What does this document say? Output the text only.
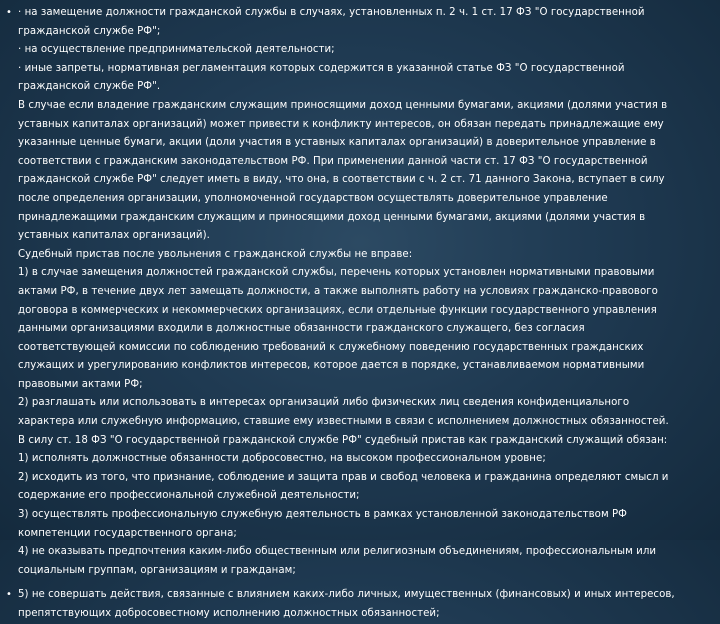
• · на замещение должности гражданской службы в случаях, установленных п. 2 ч. 1 ст. 17 ФЗ "О государственной
гражданской службе РФ";
· на осуществление предпринимательской деятельности;
· иные запреты, нормативная регламентация которых содержится в указанной статье ФЗ "О государственной
гражданской службе РФ".
В случае если владение гражданским служащим приносящими доход ценными бумагами, акциями (долями участия в
уставных капиталах организаций) может привести к конфликту интересов, он обязан передать принадлежащие ему
указанные ценные бумаги, акции (доли участия в уставных капиталах организаций) в доверительное управление в
соответствии с гражданским законодательством РФ. При применении данной части ст. 17 ФЗ "О государственной
гражданской службе РФ" следует иметь в виду, что она, в соответствии с ч. 2 ст. 71 данного Закона, вступает в силу
после определения организации, уполномоченной государством осуществлять доверительное управление
принадлежащими гражданским служащим и приносящими доход ценными бумагами, акциями (долями участия в
уставных капиталах организаций).
Судебный пристав после увольнения с гражданской службы не вправе:
1) в случае замещения должностей гражданской службы, перечень которых установлен нормативными правовыми
актами РФ, в течение двух лет замещать должности, а также выполнять работу на условиях гражданско-правового
договора в коммерческих и некоммерческих организациях, если отдельные функции государственного управления
данными организациями входили в должностные обязанности гражданского служащего, без согласия
соответствующей комиссии по соблюдению требований к служебному поведению государственных гражданских
служащих и урегулированию конфликтов интересов, которое дается в порядке, устанавливаемом нормативными
правовыми актами РФ;
2) разглашать или использовать в интересах организаций либо физических лиц сведения конфиденциального
характера или служебную информацию, ставшие ему известными в связи с исполнением должностных обязанностей.
В силу ст. 18 ФЗ "О государственной гражданской службе РФ" судебный пристав как гражданский служащий обязан:
1) исполнять должностные обязанности добросовестно, на высоком профессиональном уровне;
2) исходить из того, что признание, соблюдение и защита прав и свобод человека и гражданина определяют смысл и
содержание его профессиональной служебной деятельности;
3) осуществлять профессиональную служебную деятельность в рамках установленной законодательством РФ
компетенции государственного органа;
4) не оказывать предпочтения каким-либо общественным или религиозным объединениям, профессиональным или
социальным группам, организациям и гражданам;
• 5) не совершать действия, связанные с влиянием каких-либо личных, имущественных (финансовых) и иных интересов,
препятствующих добросовестному исполнению должностных обязанностей;
